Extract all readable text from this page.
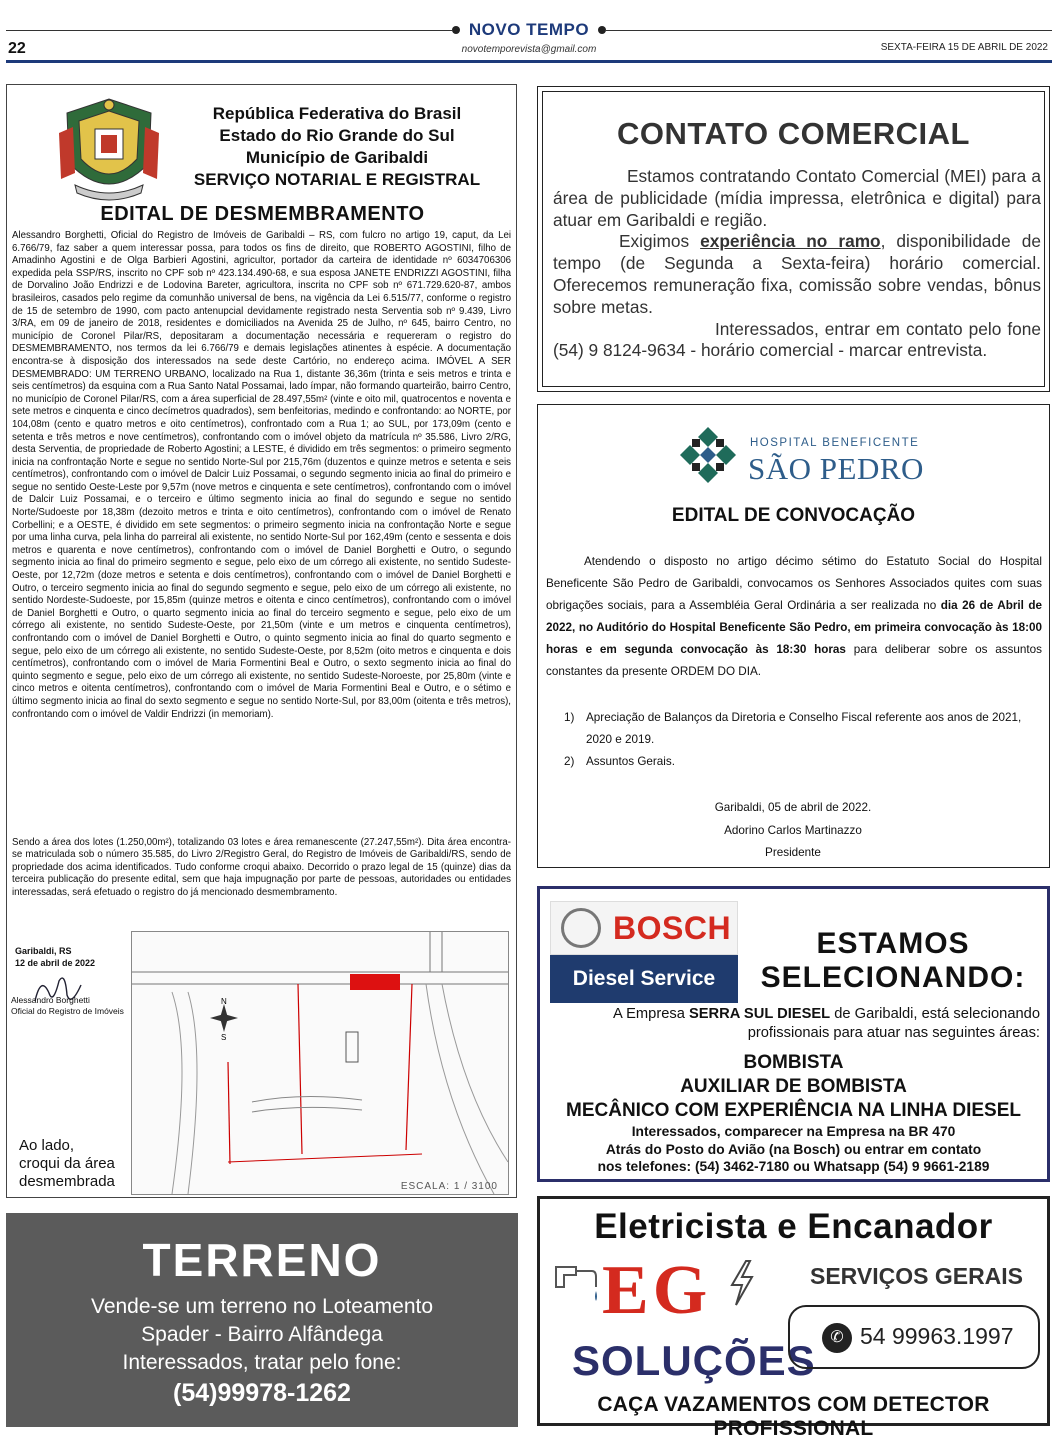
NOVO TEMPO
novotemporevista@gmail.com
22	SEXTA-FEIRA 15 DE ABRIL DE 2022
República Federativa do Brasil
Estado do Rio Grande do Sul
Município de Garibaldi
SERVIÇO NOTARIAL E REGISTRAL
EDITAL DE DESMEMBRAMENTO
Alessandro Borghetti, Oficial do Registro de Imóveis de Garibaldi – RS, com fulcro no artigo 19, caput, da Lei 6.766/79, faz saber a quem interessar possa, para todos os fins de direito, que ROBERTO AGOSTINI, filho de Amadinho Agostini e de Olga Barbieri Agostini, agricultor, portador da carteira de identidade nº 6034706306 expedida pela SSP/RS, inscrito no CPF sob nº 423.134.490-68, e sua esposa JANETE ENDRIZZI AGOSTINI, filha de Dorvalino João Endrizzi e de Lodovina Bareter, agricultora, inscrita no CPF sob nº 671.729.620-87, ambos brasileiros, casados pelo regime da comunhão universal de bens, na vigência da Lei 6.515/77, conforme o registro de 15 de setembro de 1990, com pacto antenupcial devidamente registrado nesta Serventia sob nº 9.439, Livro 3/RA, em 09 de janeiro de 2018, residentes e domiciliados na Avenida 25 de Julho, nº 645, bairro Centro, no município de Coronel Pilar/RS, depositaram a documentação necessária e requereram o registro do DESMEMBRAMENTO, nos termos da lei 6.766/79 e demais legislações atinentes à espécie. A documentação encontra-se à disposição dos interessados na sede deste Cartório, no endereço acima. IMÓVEL A SER DESMEMBRADO: UM TERRENO URBANO, localizado na Rua 1, distante 36,36m (trinta e seis metros e trinta e seis centímetros) da esquina com a Rua Santo Natal Possamai, lado ímpar, não formando quarteirão, bairro Centro, no município de Coronel Pilar/RS, com a área superficial de 28.497,55m² (vinte e oito mil, quatrocentos e noventa e sete metros e cinquenta e cinco decímetros quadrados), sem benfeitorias, medindo e confrontando: ao NORTE, por 104,08m (cento e quatro metros e oito centímetros), confrontado com a Rua 1; ao SUL, por 173,09m (cento e setenta e três metros e nove centímetros), confrontando com o imóvel objeto da matrícula nº 35.586, Livro 2/RG, desta Serventia, de propriedade de Roberto Agostini; a LESTE, é dividido em três segmentos: o primeiro segmento inicia na confrontação Norte e segue no sentido Norte-Sul por 215,76m (duzentos e quinze metros e setenta e seis centímetros), confrontando com o imóvel de Dalcir Luiz Possamai, o segundo segmento inicia ao final do primeiro e segue no sentido Oeste-Leste por 9,57m (nove metros e cinquenta e sete centímetros), confrontando com o imóvel de Dalcir Luiz Possamai, e o terceiro e último segmento inicia ao final do segundo e segue no sentido Norte/Sudoeste por 18,38m (dezoito metros e trinta e oito centímetros), confrontando com o imóvel de Renato Corbellini; e a OESTE, é dividido em sete segmentos: o primeiro segmento inicia na confrontação Norte e segue por uma linha curva, pela linha do parreiral ali existente, no sentido Norte-Sul por 162,49m (cento e sessenta e dois metros e quarenta e nove centímetros), confrontando com o imóvel de Daniel Borghetti e Outro, o segundo segmento inicia ao final do primeiro segmento e segue, pelo eixo de um córrego ali existente, no sentido Sudeste-Oeste, por 12,72m (doze metros e setenta e dois centímetros), confrontando com o imóvel de Daniel Borghetti e Outro, o terceiro segmento inicia ao final do segundo segmento e segue, pelo eixo de um córrego ali existente, no sentido Nordeste-Sudoeste, por 15,85m (quinze metros e oitenta e cinco centímetros), confrontando com o imóvel de Daniel Borghetti e Outro, o quarto segmento inicia ao final do terceiro segmento e segue, pelo eixo de um córrego ali existente, no sentido Sudeste-Oeste, por 21,50m (vinte e um metros e cinquenta centímetros), confrontando com o imóvel de Daniel Borghetti e Outro, o quinto segmento inicia ao final do quarto segmento e segue, pelo eixo de um córrego ali existente, no sentido Sudeste-Oeste, por 8,52m (oito metros e cinquenta e dois centímetros), confrontando com o imóvel de Maria Formentini Beal e Outro, o sexto segmento inicia ao final do quinto segmento e segue, pelo eixo de um córrego ali existente, no sentido Sudeste-Noroeste, por 25,80m (vinte e cinco metros e oitenta centímetros), confrontando com o imóvel de Maria Formentini Beal e Outro, e o sétimo e último segmento inicia ao final do sexto segmento e segue no sentido Norte-Sul, por 83,00m (oitenta e três metros), confrontando com o imóvel de Valdir Endrizzi (in memoriam).
Sendo a área dos lotes (1.250,00m²), totalizando 03 lotes e área remanescente (27.247,55m²). Dita área encontra-se matriculada sob o número 35.585, do Livro 2/Registro Geral, do Registro de Imóveis de Garibaldi/RS, sendo de propriedade dos acima identificados. Tudo conforme croqui abaixo. Decorrido o prazo legal de 15 (quinze) dias da terceira publicação do presente edital, sem que haja impugnação por parte de pessoas, autoridades ou entidades interessadas, será efetuado o registro do já mencionado desmembramento.
Garibaldi, RS
12 de abril de 2022
Alessandro Borghetti
Oficial do Registro de Imóveis
Ao lado,
croqui da área
desmembrada
N
S
ESCALA: 1 / 3100
TERRENO
Vende-se um terreno no Loteamento
Spader - Bairro Alfândega
Interessados, tratar pelo fone:
(54)99978-1262
CONTATO COMERCIAL
Estamos contratando Contato Comercial (MEI) para a área de publicidade (mídia impressa, eletrônica e digital) para atuar em Garibaldi e região.
Exigimos experiência no ramo, disponibilidade de tempo (de Segunda a Sexta-feira) horário comercial. Oferecemos remuneração fixa, comissão sobre vendas, bônus sobre metas.
Interessados, entrar em contato pelo fone (54) 9 8124-9634 - horário comercial - marcar entrevista.
HOSPITAL BENEFICENTE
SÃO PEDRO
EDITAL DE CONVOCAÇÃO
Atendendo o disposto no artigo décimo sétimo do Estatuto Social do Hospital Beneficente São Pedro de Garibaldi, convocamos os Senhores Associados quites com suas obrigações sociais, para a Assembléia Geral Ordinária a ser realizada no dia 26 de Abril de 2022, no Auditório do Hospital Beneficente São Pedro, em primeira convocação às 18:00 horas e em segunda convocação às 18:30 horas para deliberar sobre os assuntos constantes da presente ORDEM DO DIA.
1) Apreciação de Balanços da Diretoria e Conselho Fiscal referente aos anos de 2021, 2020 e 2019.
2) Assuntos Gerais.
Garibaldi, 05 de abril de 2022.
Adorino Carlos Martinazzo
Presidente
BOSCH
Diesel Service
ESTAMOS
SELECIONANDO:
A Empresa SERRA SUL DIESEL de Garibaldi, está selecionando profissionais para atuar nas seguintes áreas:
BOMBISTA
AUXILIAR DE BOMBISTA
MECÂNICO COM EXPERIÊNCIA NA LINHA DIESEL
Interessados, comparecer na Empresa na BR 470
Atrás do Posto do Avião (na Bosch) ou entrar em contato
nos telefones: (54) 3462-7180 ou Whatsapp (54) 9 9661-2189
Eletricista e Encanador
EG
SOLUÇÕES
SERVIÇOS GERAIS
✆ 54 99963.1997
CAÇA VAZAMENTOS COM DETECTOR PROFISSIONAL
